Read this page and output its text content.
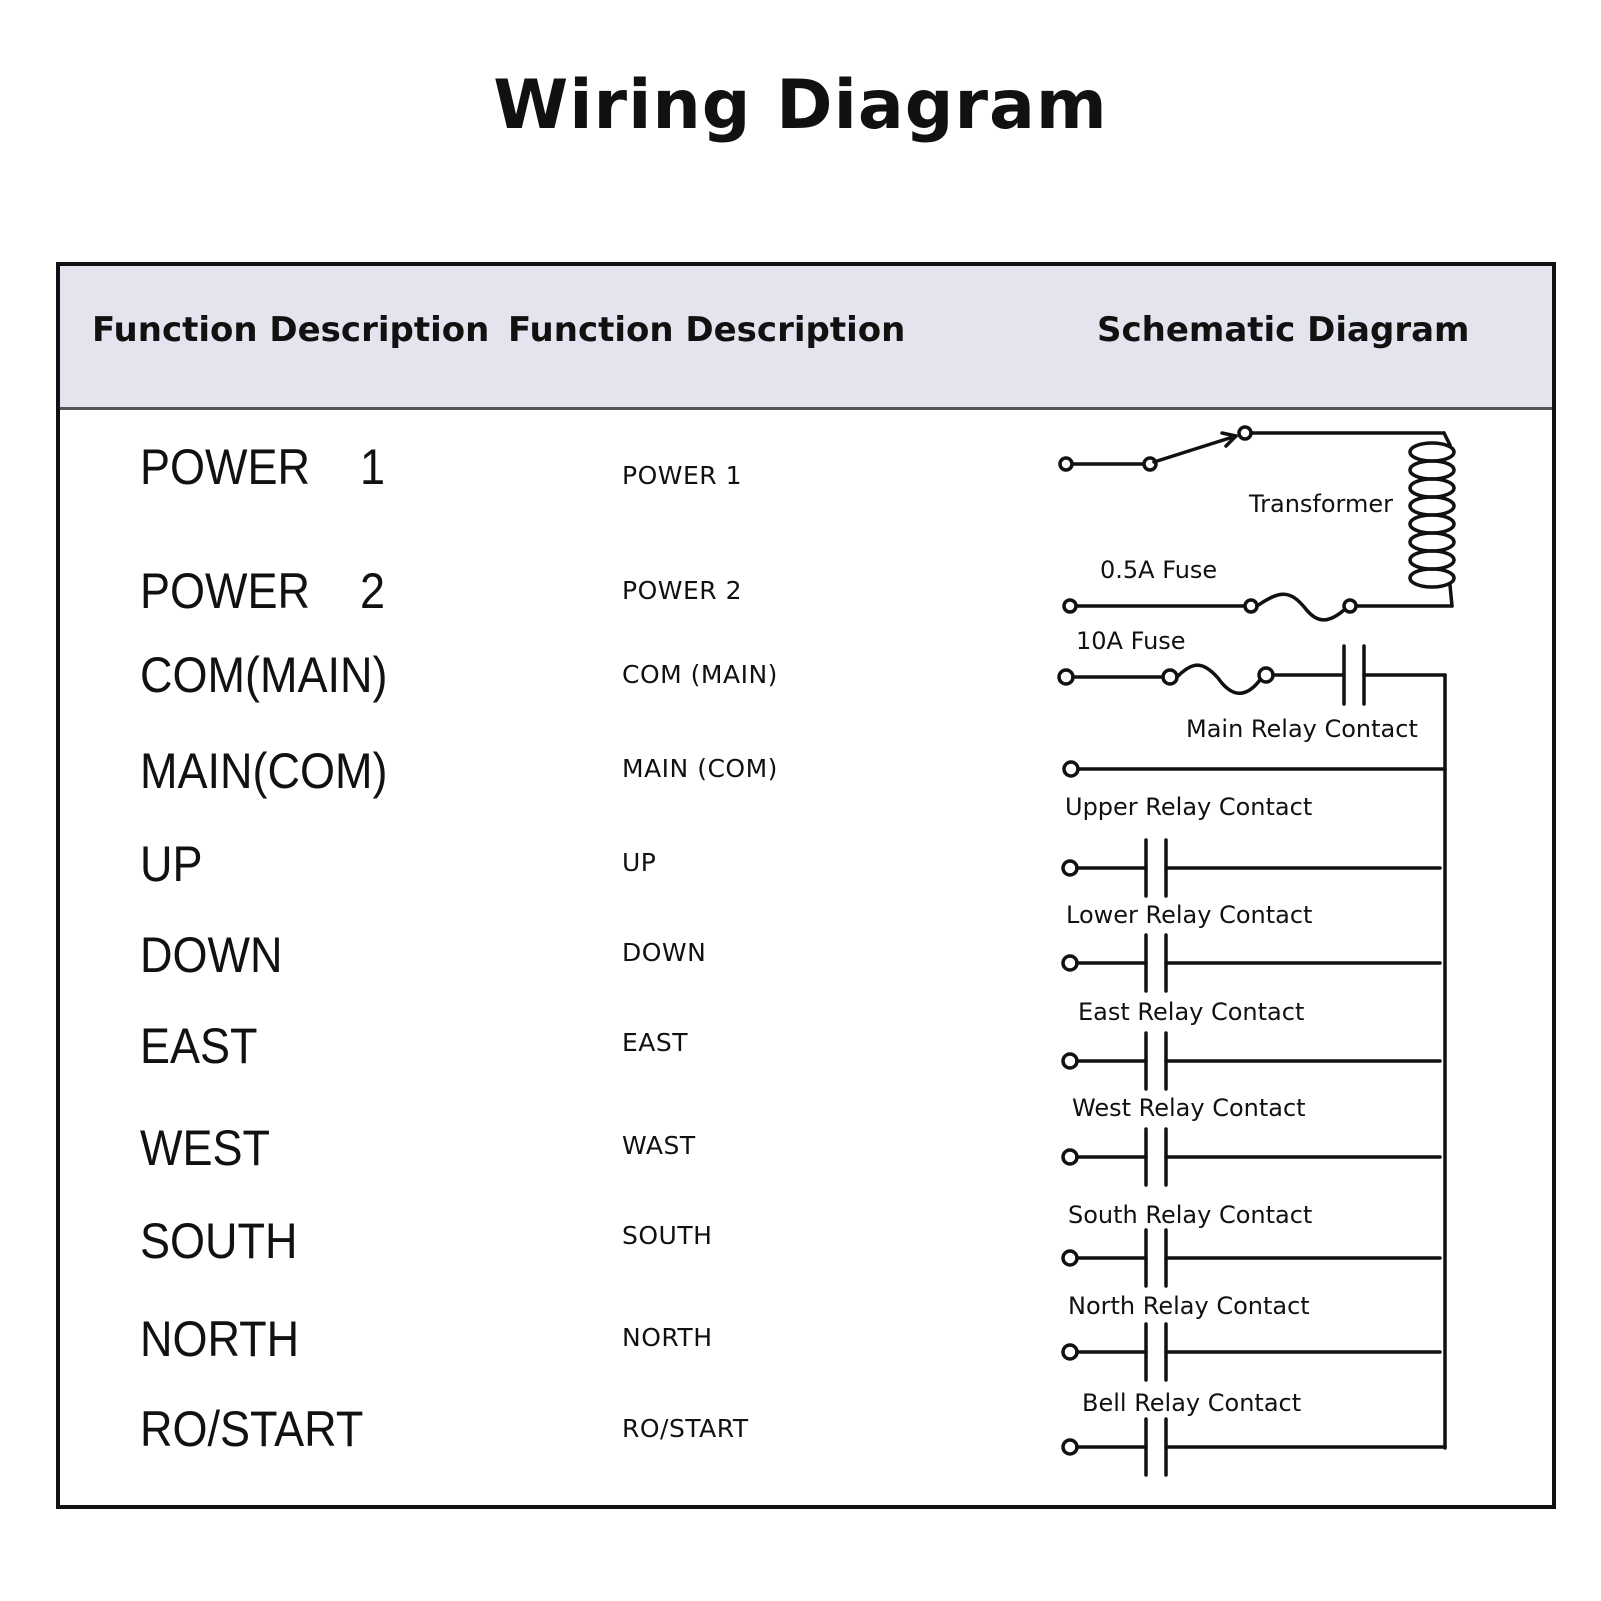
Wiring Diagram
Function Description Function Description	Schematic Diagram
POWER    1
POWER    2
COM(MAIN)
MAIN(COM)
UP
DOWN
EAST
WEST
SOUTH
NORTH
RO/START
POWER 1
POWER 2
COM (MAIN)
MAIN (COM)
UP
DOWN
EAST
WAST
SOUTH
NORTH
RO/START
Transformer
0.5A Fuse
10A Fuse
Main Relay Contact
Upper Relay Contact
Lower Relay Contact
East Relay Contact
West Relay Contact
South Relay Contact
North Relay Contact
Bell Relay Contact
